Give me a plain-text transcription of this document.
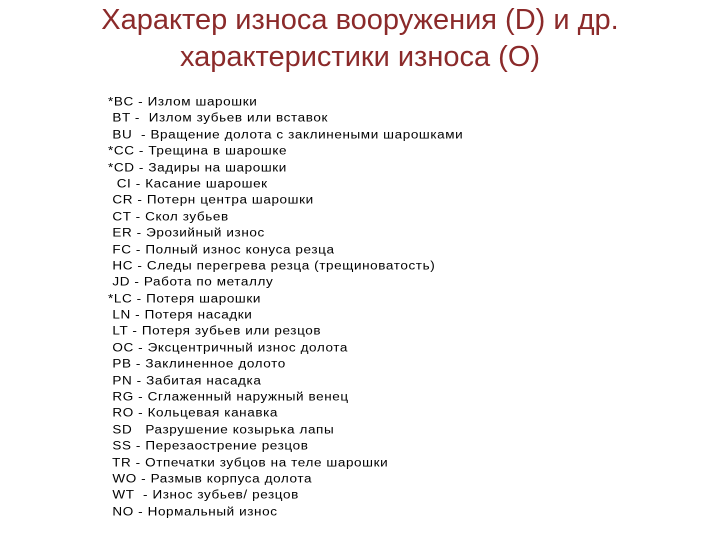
Характер износа вооружения (D) и др.
характеристики износа (O)
*BC - Излом шарошки
BT -  Излом зубьев или вставок
BU  - Вращение долота с заклинеными шарошками
*CC - Трещина в шарошке
*CD - Задиры на шарошки
CI - Касание шарошек
CR - Потерн центра шарошки
CT - Скол зубьев
ER - Эрозийный износ
FC - Полный износ конуса резца
HC - Следы перегрева резца (трещиноватость)
JD - Работа по металлу
*LC - Потеря шарошки
LN - Потеря насадки
LT - Потеря зубьев или резцов
OC - Эксцентричный износ долота
PB - Заклиненное долото
PN - Забитая насадка
RG - Сглаженный наружный венец
RO - Кольцевая канавка
SD   Разрушение козырька лапы
SS - Перезаострение резцов
TR - Отпечатки зубцов на теле шарошки
WO - Размыв корпуса долота
WT  - Износ зубьев/ резцов
NO - Нормальный износ
